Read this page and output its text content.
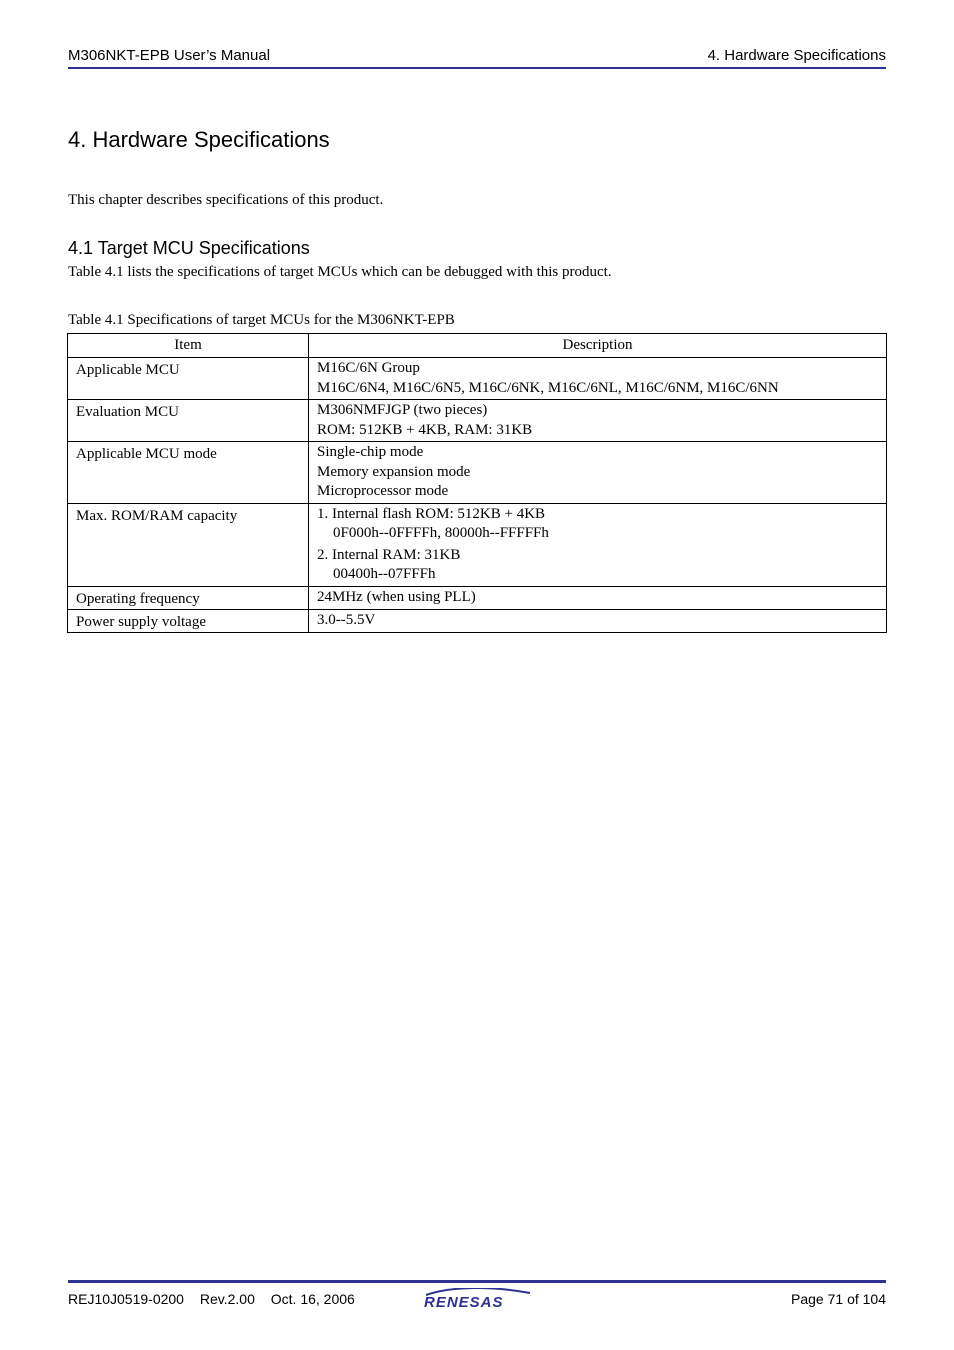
M306NKT-EPB User’s Manual	4. Hardware Specifications
4. Hardware Specifications

This chapter describes specifications of this product.

4.1 Target MCU Specifications

Table 4.1 lists the specifications of target MCUs which can be debugged with this product.

Table 4.1 Specifications of target MCUs for the M306NKT-EPB

Item	Description
Applicable MCU	M16C/6N Group
M16C/6N4, M16C/6N5, M16C/6NK, M16C/6NL, M16C/6NM, M16C/6NN

Evaluation MCU	M306NMFJGP (two pieces)
ROM: 512KB + 4KB, RAM: 31KB

Applicable MCU mode	Single-chip mode
Memory expansion mode
Microprocessor mode

Max. ROM/RAM capacity	1. Internal flash ROM: 512KB + 4KB
0F000h--0FFFFh, 80000h--FFFFFh
2. Internal RAM: 31KB
00400h--07FFFh

Operating frequency	24MHz (when using PLL)

Power supply voltage	3.0--5.5V
REJ10J0519-0200 Rev.2.00 Oct. 16, 2006	Page 71 of 104
RENESAS
